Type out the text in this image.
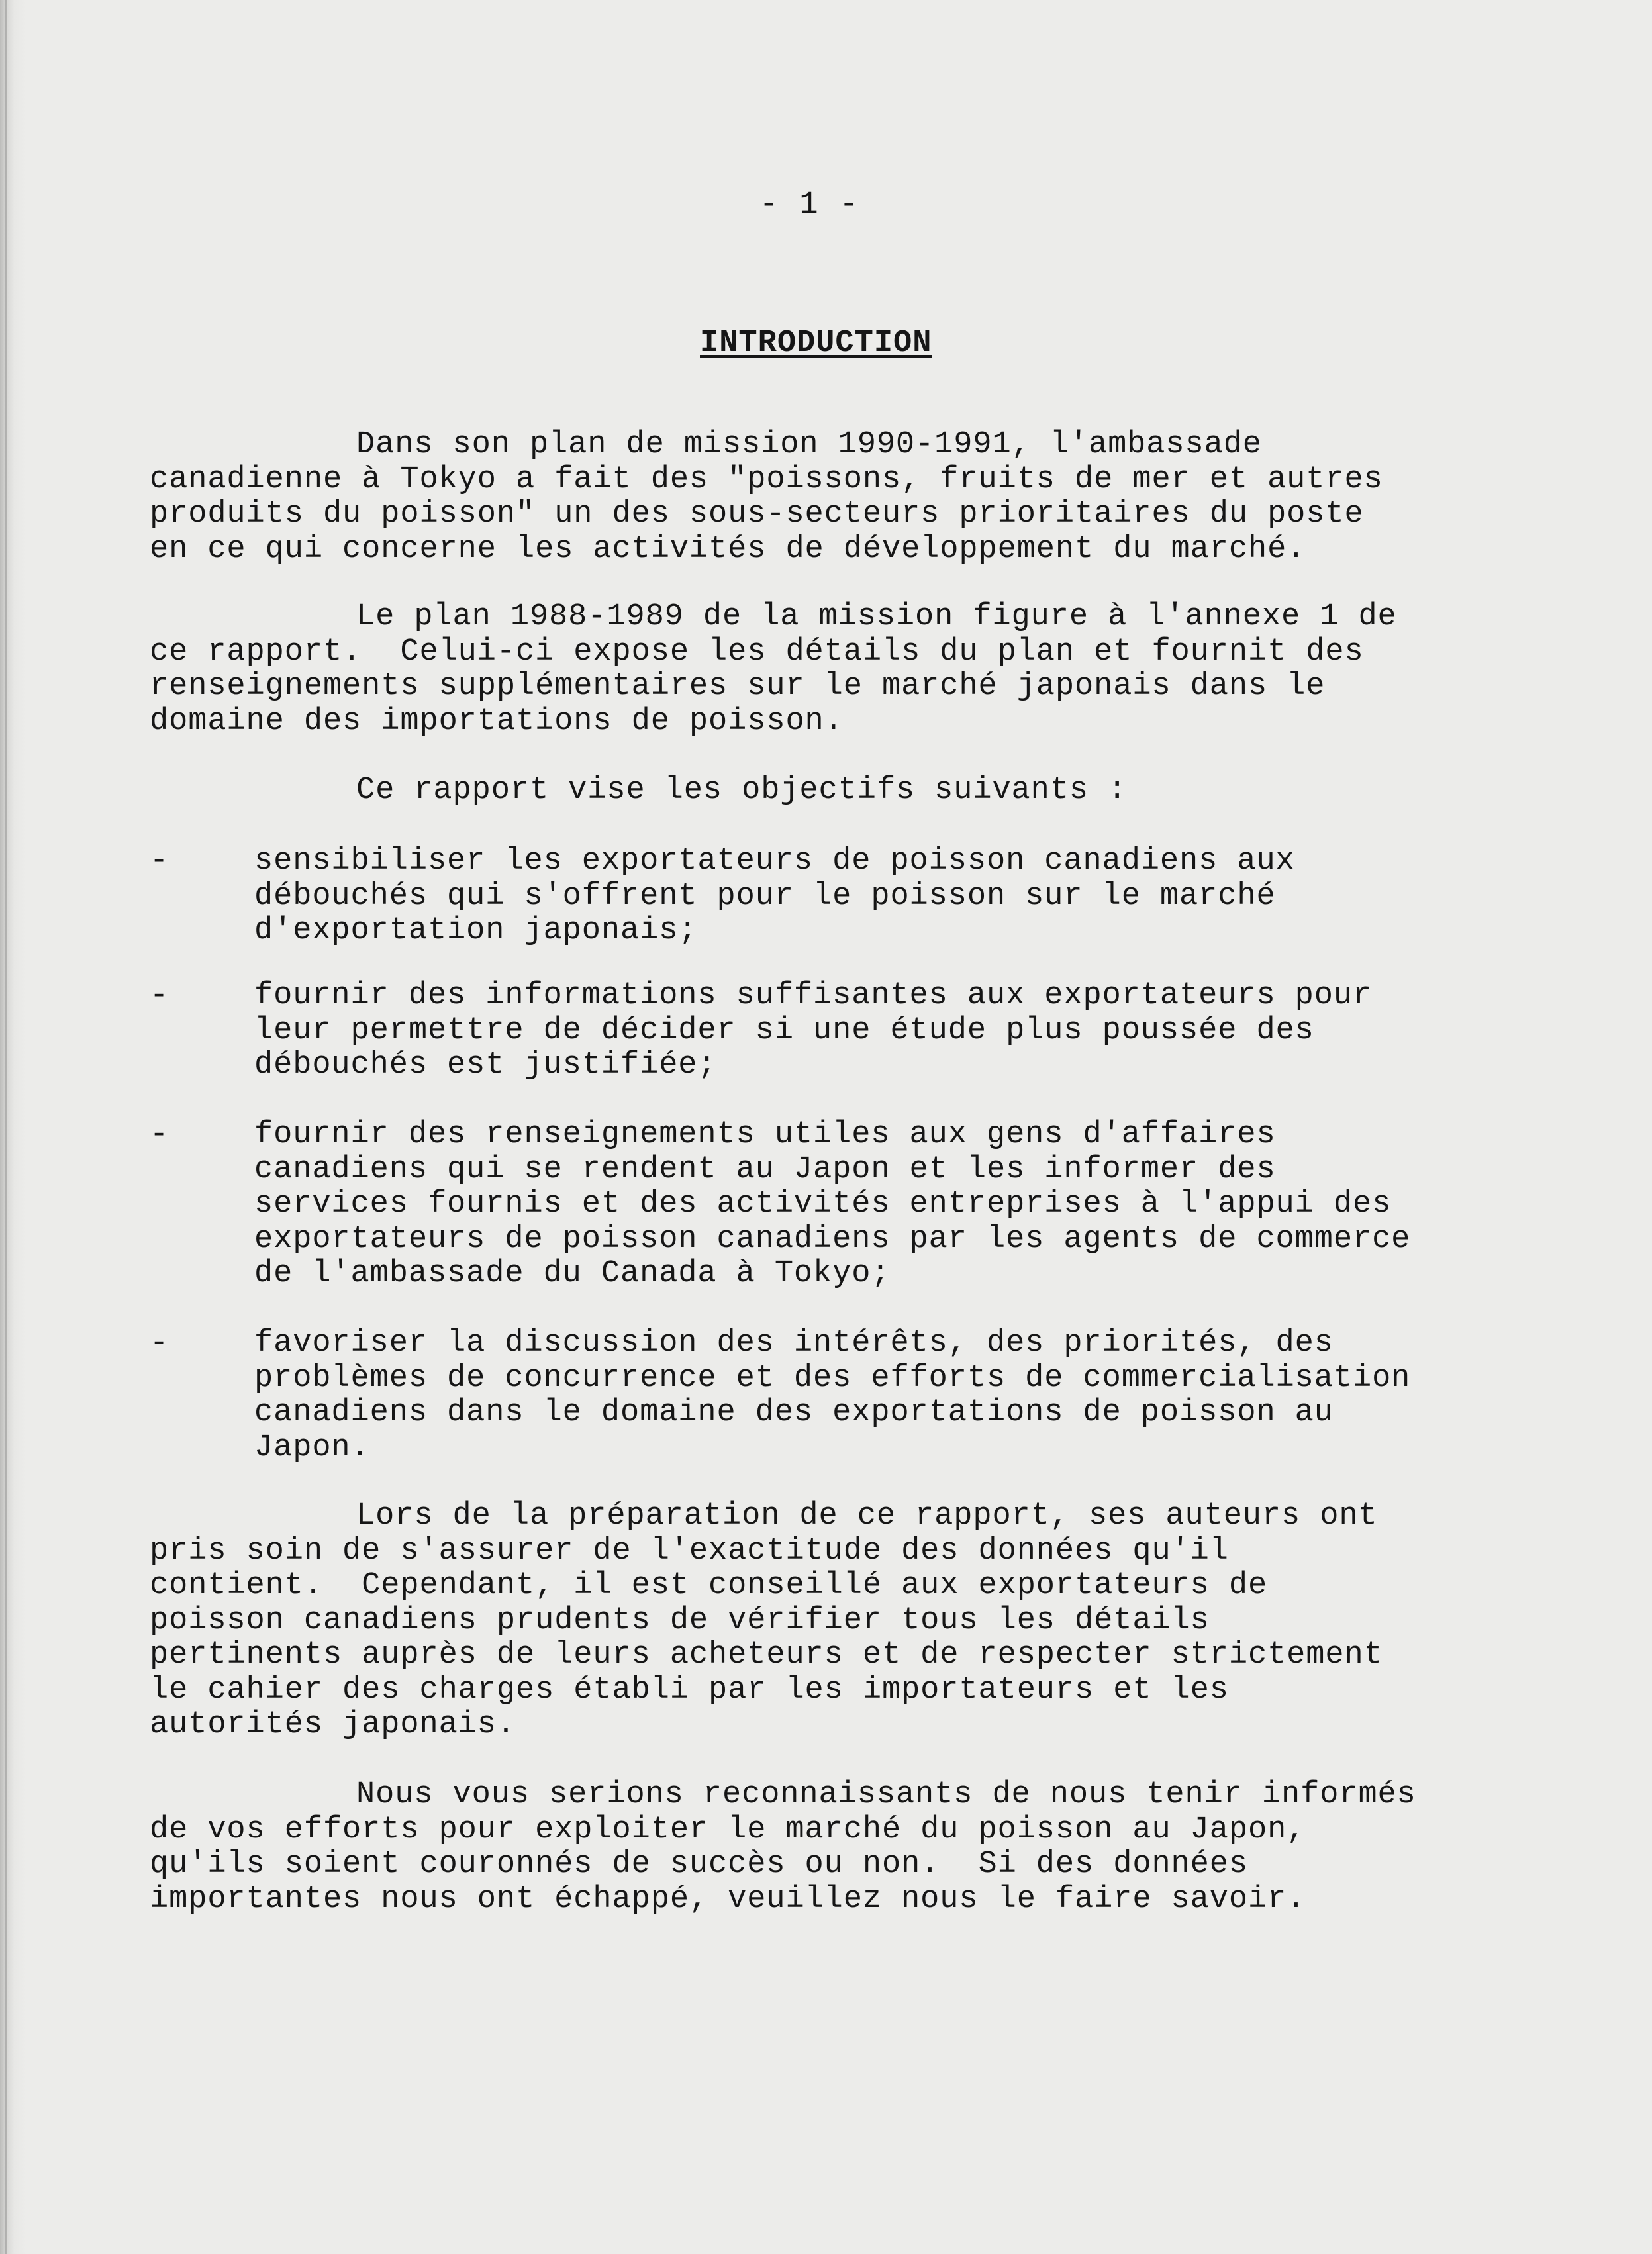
- 1 -
INTRODUCTION
Dans son plan de mission 1990-1991, l'ambassade
canadienne à Tokyo a fait des "poissons, fruits de mer et autres
produits du poisson" un des sous-secteurs prioritaires du poste
en ce qui concerne les activités de développement du marché.
Le plan 1988-1989 de la mission figure à l'annexe 1 de
ce rapport.  Celui-ci expose les détails du plan et fournit des
renseignements supplémentaires sur le marché japonais dans le
domaine des importations de poisson.
Ce rapport vise les objectifs suivants :
-	sensibiliser les exportateurs de poisson canadiens aux
débouchés qui s'offrent pour le poisson sur le marché
d'exportation japonais;
-	fournir des informations suffisantes aux exportateurs pour
leur permettre de décider si une étude plus poussée des
débouchés est justifiée;
-	fournir des renseignements utiles aux gens d'affaires
canadiens qui se rendent au Japon et les informer des
services fournis et des activités entreprises à l'appui des
exportateurs de poisson canadiens par les agents de commerce
de l'ambassade du Canada à Tokyo;
-	favoriser la discussion des intérêts, des priorités, des
problèmes de concurrence et des efforts de commercialisation
canadiens dans le domaine des exportations de poisson au
Japon.
Lors de la préparation de ce rapport, ses auteurs ont
pris soin de s'assurer de l'exactitude des données qu'il
contient.  Cependant, il est conseillé aux exportateurs de
poisson canadiens prudents de vérifier tous les détails
pertinents auprès de leurs acheteurs et de respecter strictement
le cahier des charges établi par les importateurs et les
autorités japonais.
Nous vous serions reconnaissants de nous tenir informés
de vos efforts pour exploiter le marché du poisson au Japon,
qu'ils soient couronnés de succès ou non.  Si des données
importantes nous ont échappé, veuillez nous le faire savoir.
